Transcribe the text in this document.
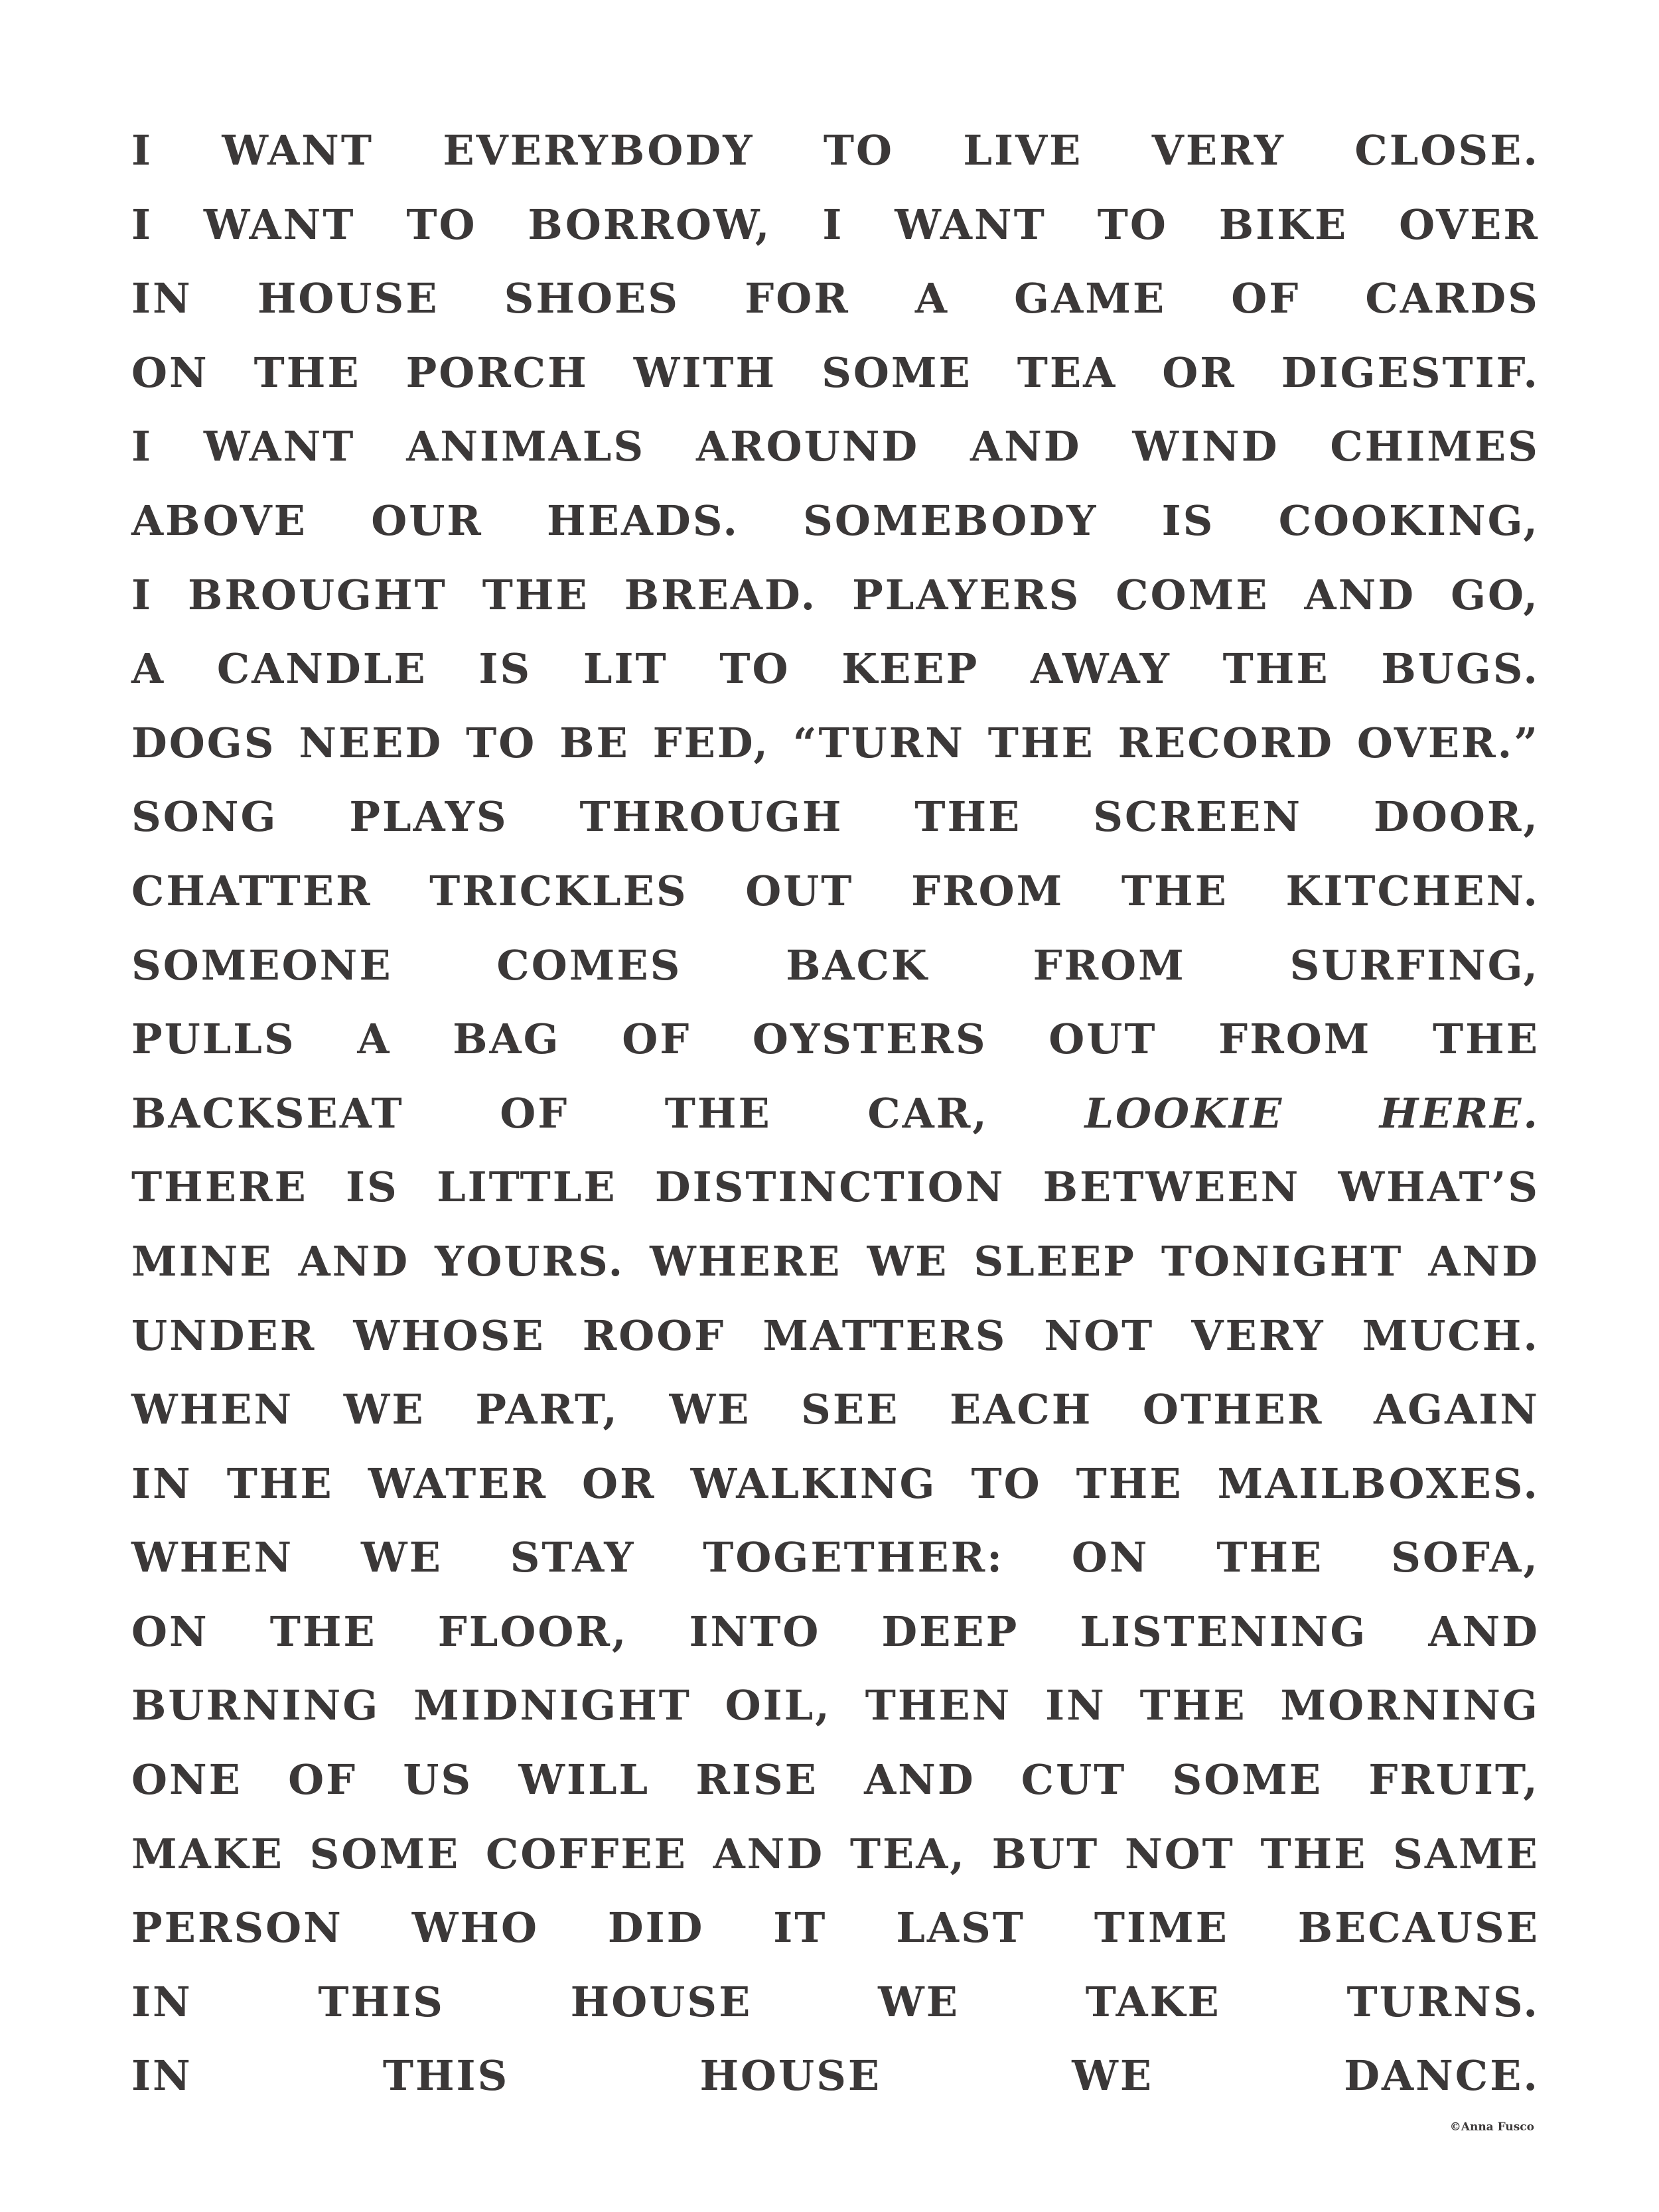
I WANT EVERYBODY TO LIVE VERY CLOSE.
I WANT TO BORROW, I WANT TO BIKE OVER
IN HOUSE SHOES FOR A GAME OF CARDS
ON THE PORCH WITH SOME TEA OR DIGESTIF.
I WANT ANIMALS AROUND AND WIND CHIMES
ABOVE OUR HEADS. SOMEBODY IS COOKING,
I BROUGHT THE BREAD. PLAYERS COME AND GO,
A CANDLE IS LIT TO KEEP AWAY THE BUGS.
DOGS NEED TO BE FED, “TURN THE RECORD OVER.”
SONG PLAYS THROUGH THE SCREEN DOOR,
CHATTER TRICKLES OUT FROM THE KITCHEN.
SOMEONE	COMES	BACK	FROM	SURFING,
PULLS A BAG OF OYSTERS OUT FROM THE
BACKSEAT OF THE CAR, LOOKIE HERE.
THERE IS LITTLE DISTINCTION BETWEEN WHAT’S
MINE AND YOURS. WHERE WE SLEEP TONIGHT AND
UNDER WHOSE ROOF MATTERS NOT VERY MUCH.
WHEN WE PART, WE SEE EACH OTHER AGAIN
IN THE WATER OR WALKING TO THE MAILBOXES.
WHEN WE STAY TOGETHER: ON THE SOFA,
ON THE FLOOR, INTO DEEP LISTENING AND
BURNING MIDNIGHT OIL, THEN IN THE MORNING
ONE OF US WILL RISE AND CUT SOME FRUIT,
MAKE SOME COFFEE AND TEA, BUT NOT THE SAME
PERSON WHO DID IT LAST TIME BECAUSE
IN	THIS	HOUSE	WE	TAKE	TURNS.
IN	THIS	HOUSE	WE	DANCE.
©Anna Fusco
